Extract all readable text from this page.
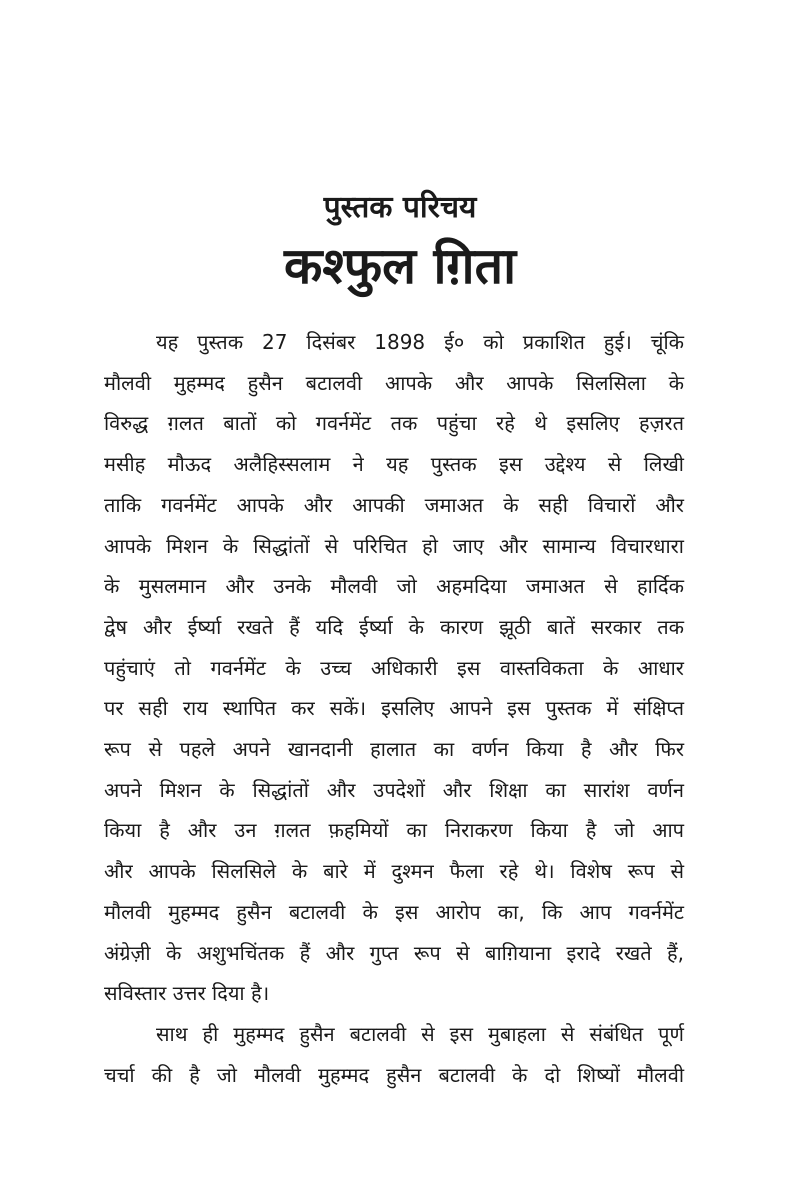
पुस्तक परिचय
कश्फुल ग़िता

यह पुस्तक 27 दिसंबर 1898 ई० को प्रकाशित हुई। चूंकि
मौलवी मुहम्मद हुसैन बटालवी आपके और आपके सिलसिला के
विरुद्ध ग़लत बातों को गवर्नमेंट तक पहुंचा रहे थे इसलिए हज़रत
मसीह मौऊद अलैहिस्सलाम ने यह पुस्तक इस उद्देश्य से लिखी
ताकि गवर्नमेंट आपके और आपकी जमाअत के सही विचारों और
आपके मिशन के सिद्धांतों से परिचित हो जाए और सामान्य विचारधारा
के मुसलमान और उनके मौलवी जो अहमदिया जमाअत से हार्दिक
द्वेष और ईर्ष्या रखते हैं यदि ईर्ष्या के कारण झूठी बातें सरकार तक
पहुंचाएं तो गवर्नमेंट के उच्च अधिकारी इस वास्तविकता के आधार
पर सही राय स्थापित कर सकें। इसलिए आपने इस पुस्तक में संक्षिप्त
रूप से पहले अपने खानदानी हालात का वर्णन किया है और फिर
अपने मिशन के सिद्धांतों और उपदेशों और शिक्षा का सारांश वर्णन
किया है और उन ग़लत फ़हमियों का निराकरण किया है जो आप
और आपके सिलसिले के बारे में दुश्मन फैला रहे थे। विशेष रूप से
मौलवी मुहम्मद हुसैन बटालवी के इस आरोप का, कि आप गवर्नमेंट
अंग्रेज़ी के अशुभचिंतक हैं और गुप्त रूप से बाग़ियाना इरादे रखते हैं,
सविस्तार उत्तर दिया है।

साथ ही मुहम्मद हुसैन बटालवी से इस मुबाहला से संबंधित पूर्ण
चर्चा की है जो मौलवी मुहम्मद हुसैन बटालवी के दो शिष्यों मौलवी
